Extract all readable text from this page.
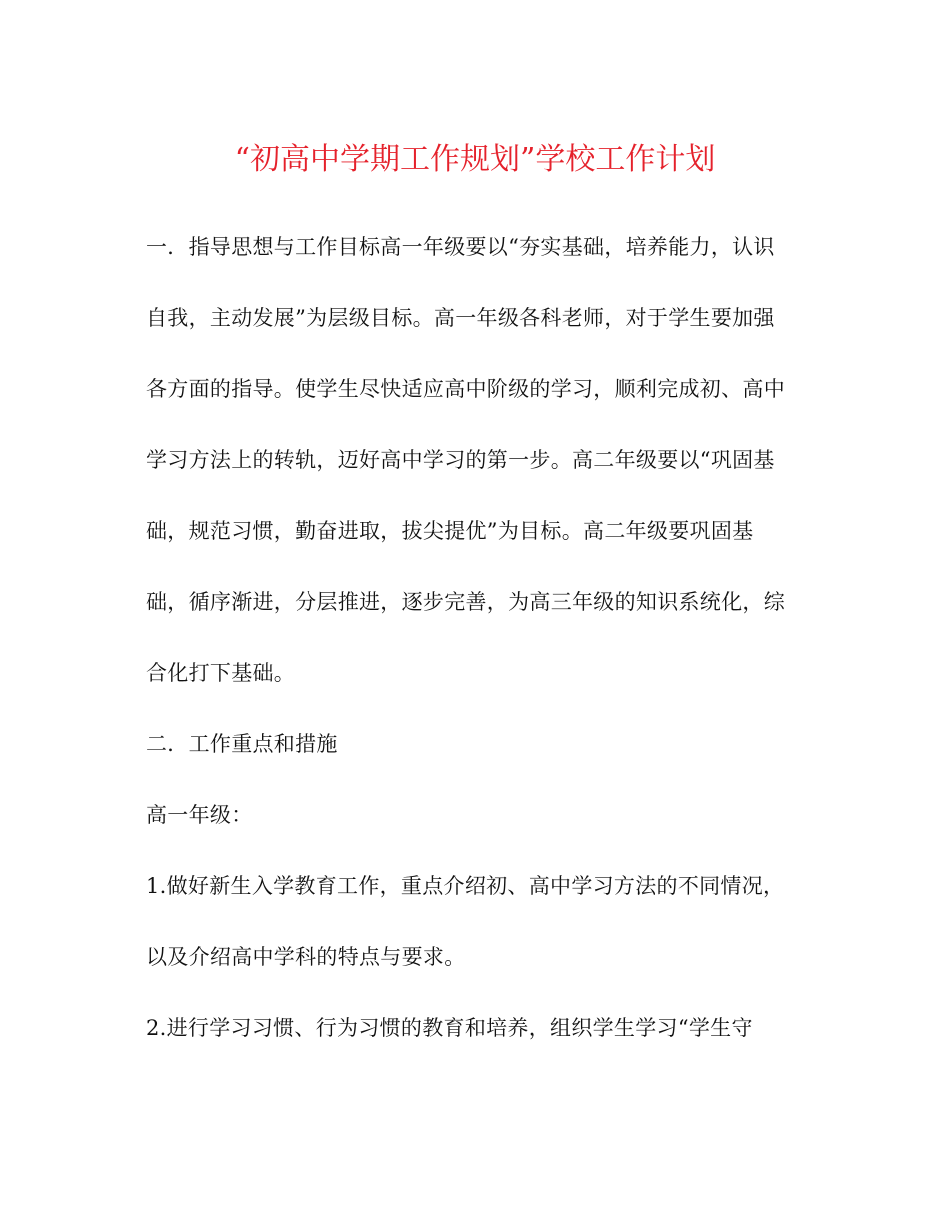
“初高中学期工作规划”学校工作计划
一．指导思想与工作目标高一年级要以“夯实基础，培养能力，认识
自我，主动发展”为层级目标。高一年级各科老师，对于学生要加强
各方面的指导。使学生尽快适应高中阶级的学习，顺利完成初、高中
学习方法上的转轨，迈好高中学习的第一步。高二年级要以“巩固基
础，规范习惯，勤奋进取，拔尖提优”为目标。高二年级要巩固基
础，循序渐进，分层推进，逐步完善，为高三年级的知识系统化，综
合化打下基础。
二．工作重点和措施
高一年级：
1.做好新生入学教育工作，重点介绍初、高中学习方法的不同情况，
以及介绍高中学科的特点与要求。
2.进行学习习惯、行为习惯的教育和培养，组织学生学习“学生守
